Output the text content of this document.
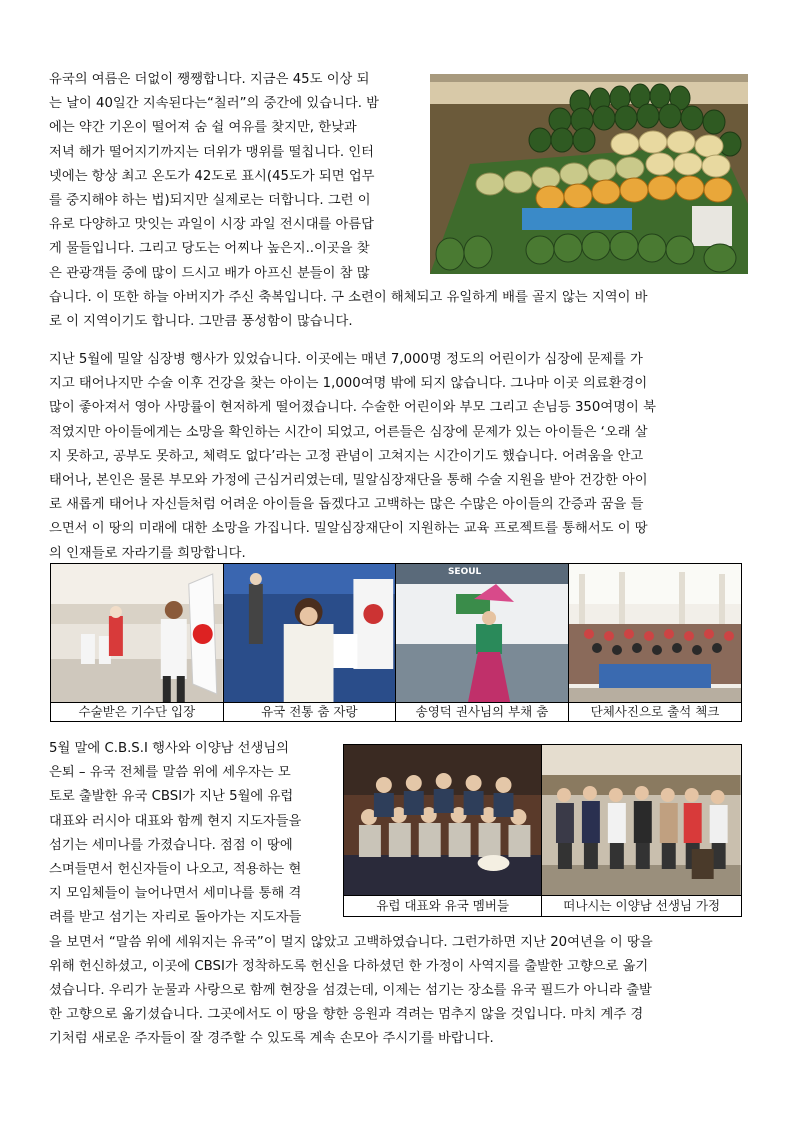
유국의 여름은 더없이 쨍쨍합니다. 지금은 45도 이상 되
는 날이 40일간 지속된다는“칠러”의 중간에 있습니다. 밤
에는 약간 기온이 떨어져 숨 쉴 여유를 찾지만, 한낮과
저녁 해가 떨어지기까지는 더위가 맹위를 떨칩니다. 인터
넷에는 항상 최고 온도가 42도로 표시(45도가 되면 업무
를 중지해야 하는 법)되지만 실제로는 더합니다. 그런 이
유로 다양하고 맛잇는 과일이 시장 과일 전시대를 아름답
게 물들입니다. 그리고 당도는 어찌나 높은지..이곳을 찾
은 관광객들 중에 많이 드시고 배가 아프신 분들이 참 많
습니다. 이 또한 하늘 아버지가 주신 축복입니다. 구 소련이 해체되고 유일하게 배를 골지 않는 지역이 바
로 이 지역이기도 합니다. 그만큼 풍성함이 많습니다.
지난 5월에 밀알 심장병 행사가 있었습니다. 이곳에는 매년 7,000명 정도의 어린이가 심장에 문제를 가
지고 태어나지만 수술 이후 건강을 찾는 아이는 1,000여명 밖에 되지 않습니다. 그나마 이곳 의료환경이
많이 좋아져서 영아 사망률이 현저하게 떨어졌습니다. 수술한 어린이와 부모 그리고 손님등 350여명이 북
적였지만 아이들에게는 소망을 확인하는 시간이 되었고, 어른들은 심장에 문제가 있는 아이들은 ‘오래 살
지 못하고, 공부도 못하고, 체력도 없다’라는 고정 관념이 고쳐지는 시간이기도 했습니다. 어려움을 안고
태어나, 본인은 물론 부모와 가정에 근심거리였는데, 밀알심장재단을 통해 수술 지원을 받아 건강한 아이
로 새롭게 태어나 자신들처럼 어려운 아이들을 돕겠다고 고백하는 많은 수많은 아이들의 간증과 꿈을 들
으면서 이 땅의 미래에 대한 소망을 가집니다. 밀알심장재단이 지원하는 교육 프로젝트를 통해서도 이 땅
의 인재들로 자라기를 희망합니다.

SEOUL

수술받은 기수단 입장	유국 전통 춤 자랑	송영덕 권사님의 부채 춤	단체사진으로 출석 첵크
5월 말에 C.B.S.I 행사와 이양남 선생님의
은퇴 – 유국 전체를 말씀 위에 세우자는 모
토로 출발한 유국 CBSI가 지난 5월에 유럽
대표와 러시아 대표와 함께 현지 지도자들을
섬기는 세미나를 가졌습니다. 점점 이 땅에
스며들면서 헌신자들이 나오고, 적용하는 현
지 모임체들이 늘어나면서 세미나를 통해 격
려를 받고 섬기는 자리로 돌아가는 지도자들
을 보면서 “말씀 위에 세워지는 유국”이 멀지 않았고 고백하였습니다. 그런가하면 지난 20여년을 이 땅을
위해 헌신하셨고, 이곳에 CBSI가 정착하도록 헌신을 다하셨던 한 가정이 사역지를 출발한 고향으로 옮기
셨습니다. 우리가 눈물과 사랑으로 함께 현장을 섬겼는데, 이제는 섬기는 장소를 유국 필드가 아니라 출발
한 고향으로 옮기셨습니다. 그곳에서도 이 땅을 향한 응원과 격려는 멈추지 않을 것입니다. 마치 계주 경
기처럼 새로운 주자들이 잘 경주할 수 있도록 계속 손모아 주시기를 바랍니다.

유럽 대표와 유국 멤버들	떠나시는 이양남 선생님 가정
